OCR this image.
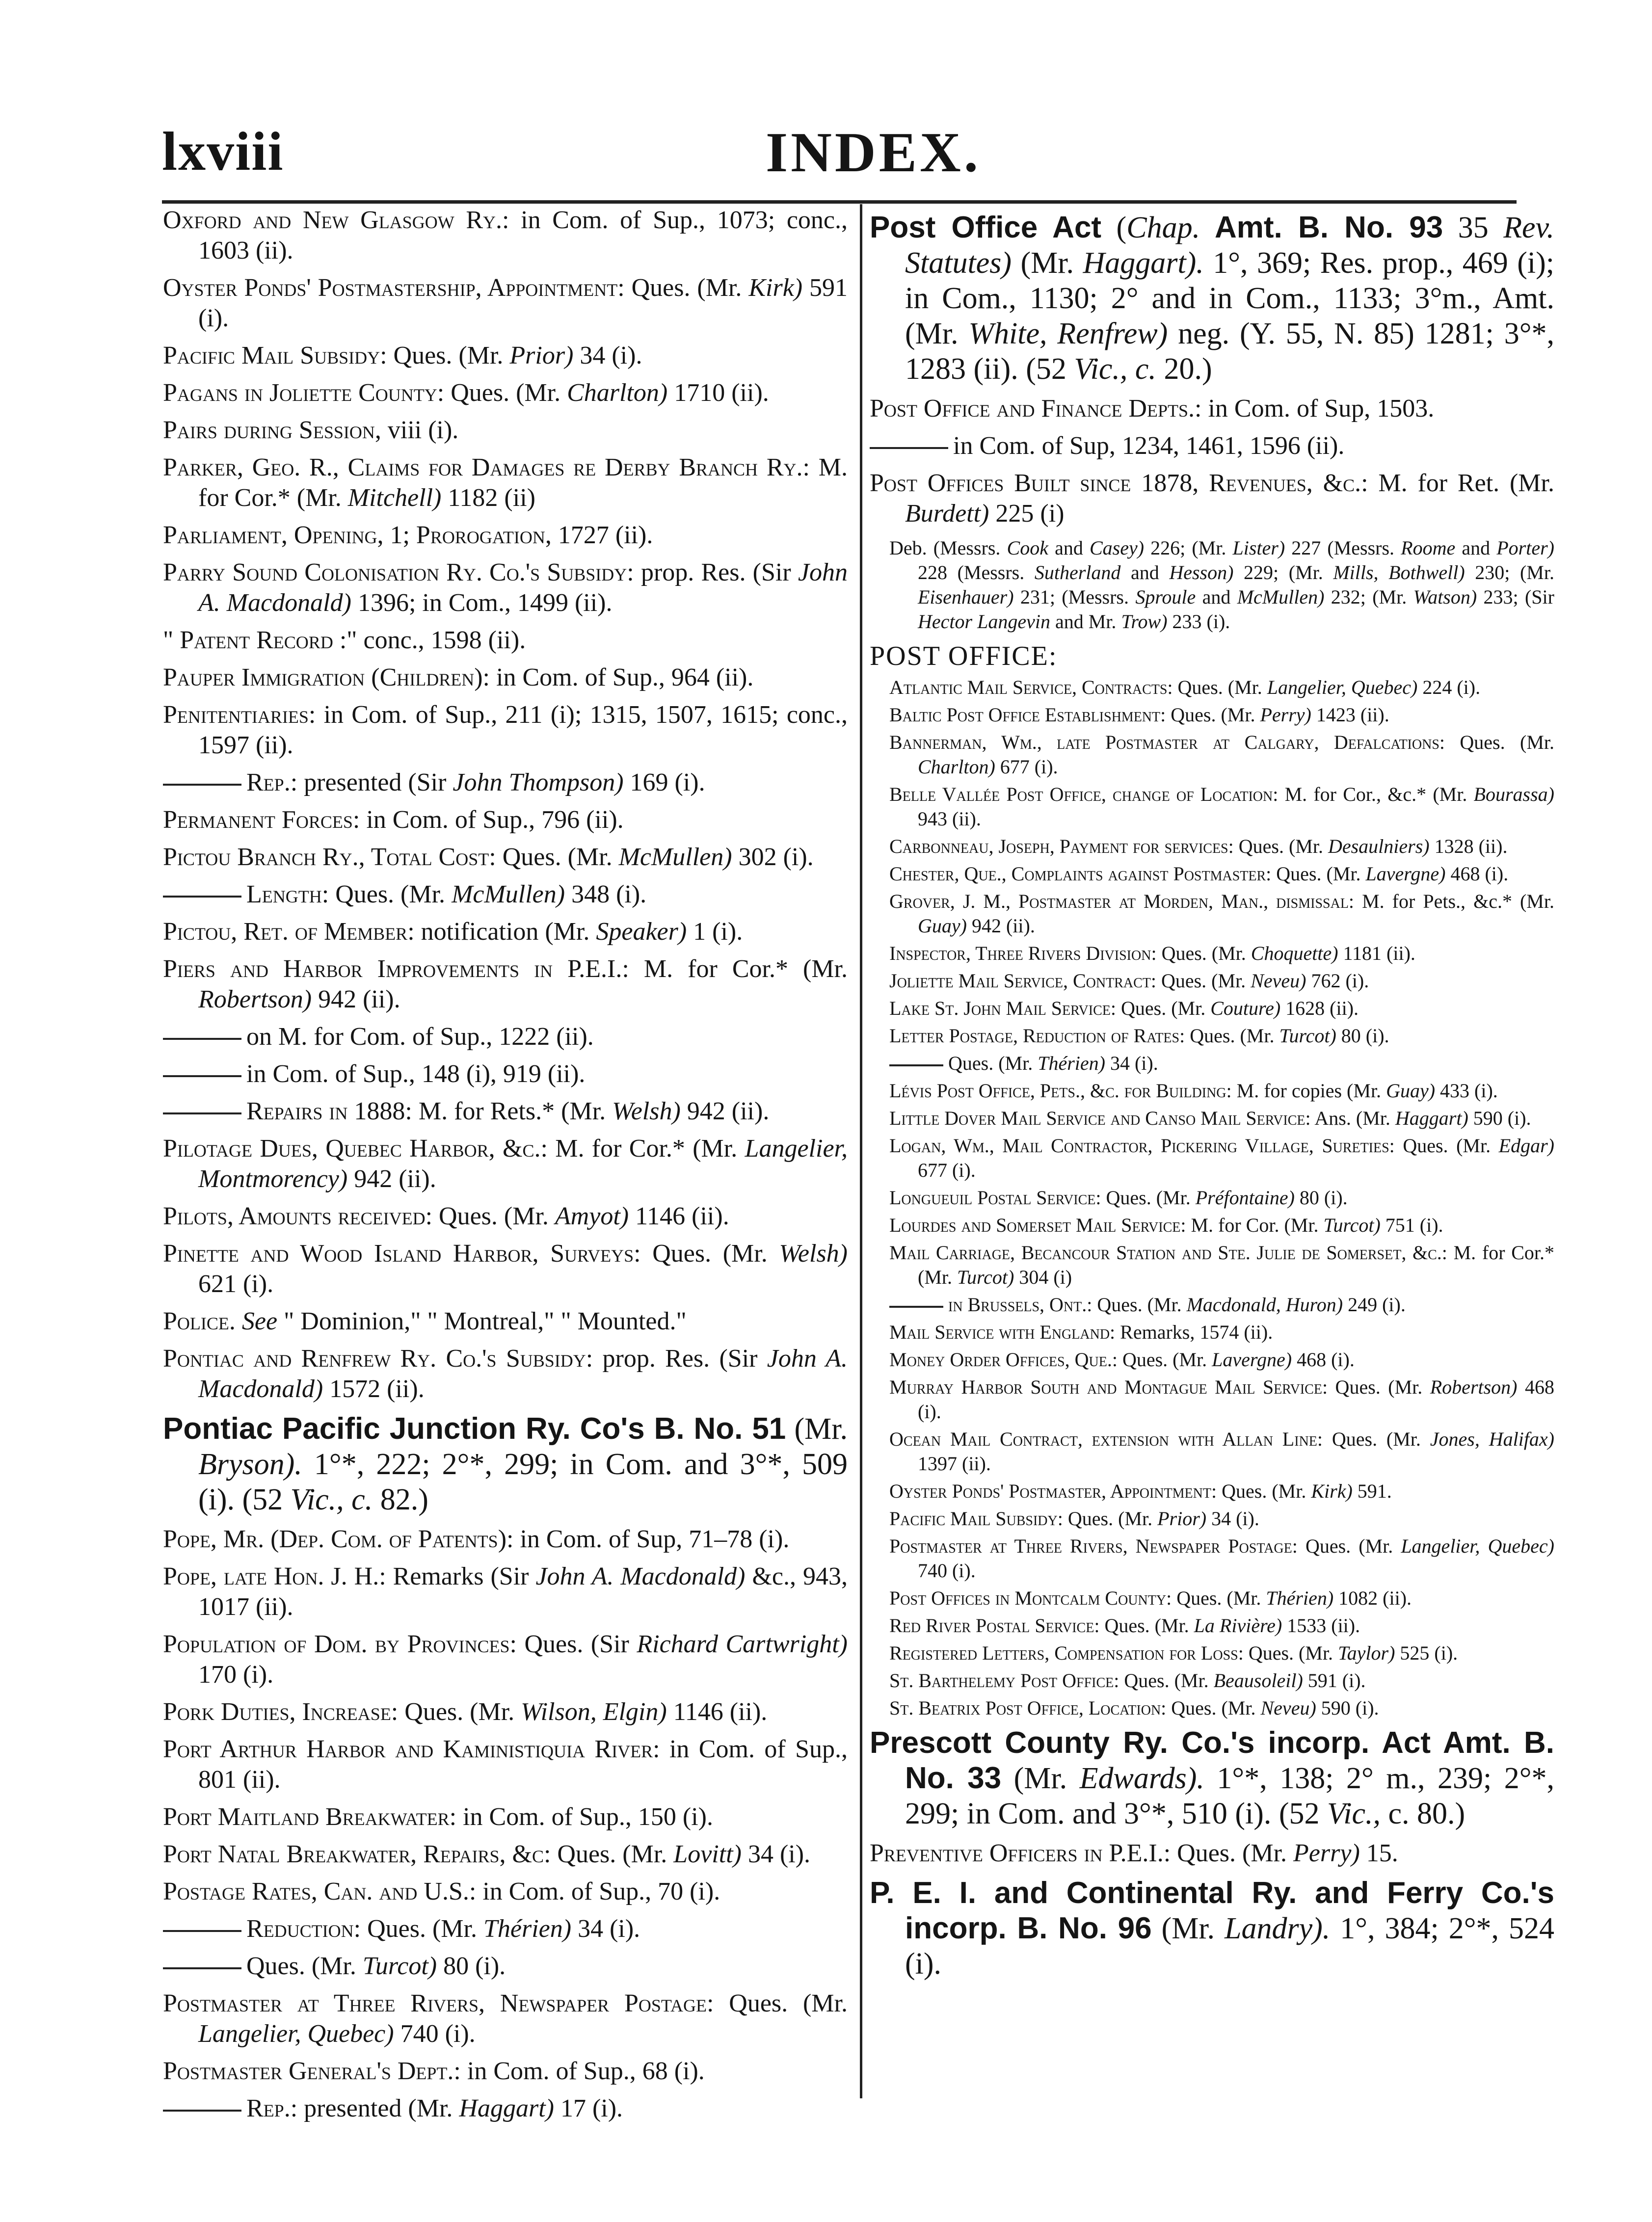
lxviii	INDEX.
Oxford and New Glasgow Ry.: in Com. of Sup., 1073; conc., 1603 (ii).
Oyster Ponds' Postmastership, Appointment: Ques. (Mr. Kirk) 591 (i).
Pacific Mail Subsidy: Ques. (Mr. Prior) 34 (i).
Pagans in Joliette County: Ques. (Mr. Charlton) 1710 (ii).
Pairs during Session, viii (i).
Parker, Geo. R., Claims for Damages re Derby Branch Ry.: M. for Cor.* (Mr. Mitchell) 1182 (ii)
Parliament, Opening, 1; Prorogation, 1727 (ii).
Parry Sound Colonisation Ry. Co.'s Subsidy: prop. Res. (Sir John A. Macdonald) 1396; in Com., 1499 (ii).
" Patent Record :" conc., 1598 (ii).
Pauper Immigration (Children): in Com. of Sup., 964 (ii).
Penitentiaries: in Com. of Sup., 211 (i); 1315, 1507, 1615; conc., 1597 (ii).
Rep.: presented (Sir John Thompson) 169 (i).
Permanent Forces: in Com. of Sup., 796 (ii).
Pictou Branch Ry., Total Cost: Ques. (Mr. McMullen) 302 (i).
Length: Ques. (Mr. McMullen) 348 (i).
Pictou, Ret. of Member: notification (Mr. Speaker) 1 (i).
Piers and Harbor Improvements in P.E.I.: M. for Cor.* (Mr. Robertson) 942 (ii).
on M. for Com. of Sup., 1222 (ii).
in Com. of Sup., 148 (i), 919 (ii).
Repairs in 1888: M. for Rets.* (Mr. Welsh) 942 (ii).
Pilotage Dues, Quebec Harbor, &c.: M. for Cor.* (Mr. Langelier, Montmorency) 942 (ii).
Pilots, Amounts received: Ques. (Mr. Amyot) 1146 (ii).
Pinette and Wood Island Harbor, Surveys: Ques. (Mr. Welsh) 621 (i).
Police. See " Dominion," " Montreal," " Mounted."
Pontiac and Renfrew Ry. Co.'s Subsidy: prop. Res. (Sir John A. Macdonald) 1572 (ii).
Pontiac Pacific Junction Ry. Co's B. No. 51 (Mr. Bryson). 1°*, 222; 2°*, 299; in Com. and 3°*, 509 (i). (52 Vic., c. 82.)
Pope, Mr. (Dep. Com. of Patents): in Com. of Sup, 71–78 (i).
Pope, late Hon. J. H.: Remarks (Sir John A. Macdonald) &c., 943, 1017 (ii).
Population of Dom. by Provinces: Ques. (Sir Richard Cartwright) 170 (i).
Pork Duties, Increase: Ques. (Mr. Wilson, Elgin) 1146 (ii).
Port Arthur Harbor and Kaministiquia River: in Com. of Sup., 801 (ii).
Port Maitland Breakwater: in Com. of Sup., 150 (i).
Port Natal Breakwater, Repairs, &c: Ques. (Mr. Lovitt) 34 (i).
Postage Rates, Can. and U.S.: in Com. of Sup., 70 (i).
Reduction: Ques. (Mr. Thérien) 34 (i).
Ques. (Mr. Turcot) 80 (i).
Postmaster at Three Rivers, Newspaper Postage: Ques. (Mr. Langelier, Quebec) 740 (i).
Postmaster General's Dept.: in Com. of Sup., 68 (i).
Rep.: presented (Mr. Haggart) 17 (i).
Post Office Act (Chap. Amt. B. No. 93 35 Rev. Statutes) (Mr. Haggart). 1°, 369; Res. prop., 469 (i); in Com., 1130; 2° and in Com., 1133; 3°m., Amt. (Mr. White, Renfrew) neg. (Y. 55, N. 85) 1281; 3°*, 1283 (ii). (52 Vic., c. 20.)
Post Office and Finance Depts.: in Com. of Sup, 1503.
in Com. of Sup, 1234, 1461, 1596 (ii).
Post Offices Built since 1878, Revenues, &c.: M. for Ret. (Mr. Burdett) 225 (i)
Deb. (Messrs. Cook and Casey) 226; (Mr. Lister) 227 (Messrs. Roome and Porter) 228 (Messrs. Sutherland and Hesson) 229; (Mr. Mills, Bothwell) 230; (Mr. Eisenhauer) 231; (Messrs. Sproule and McMullen) 232; (Mr. Watson) 233; (Sir Hector Langevin and Mr. Trow) 233 (i).
POST OFFICE:
Atlantic Mail Service, Contracts: Ques. (Mr. Langelier, Quebec) 224 (i).
Baltic Post Office Establishment: Ques. (Mr. Perry) 1423 (ii).
Bannerman, Wm., late Postmaster at Calgary, Defalcations: Ques. (Mr. Charlton) 677 (i).
Belle Vallée Post Office, change of Location: M. for Cor., &c.* (Mr. Bourassa) 943 (ii).
Carbonneau, Joseph, Payment for services: Ques. (Mr. Desaulniers) 1328 (ii).
Chester, Que., Complaints against Postmaster: Ques. (Mr. Lavergne) 468 (i).
Grover, J. M., Postmaster at Morden, Man., dismissal: M. for Pets., &c.* (Mr. Guay) 942 (ii).
Inspector, Three Rivers Division: Ques. (Mr. Choquette) 1181 (ii).
Joliette Mail Service, Contract: Ques. (Mr. Neveu) 762 (i).
Lake St. John Mail Service: Ques. (Mr. Couture) 1628 (ii).
Letter Postage, Reduction of Rates: Ques. (Mr. Turcot) 80 (i).
Ques. (Mr. Thérien) 34 (i).
Lévis Post Office, Pets., &c. for Building: M. for copies (Mr. Guay) 433 (i).
Little Dover Mail Service and Canso Mail Service: Ans. (Mr. Haggart) 590 (i).
Logan, Wm., Mail Contractor, Pickering Village, Sureties: Ques. (Mr. Edgar) 677 (i).
Longueuil Postal Service: Ques. (Mr. Préfontaine) 80 (i).
Lourdes and Somerset Mail Service: M. for Cor. (Mr. Turcot) 751 (i).
Mail Carriage, Becancour Station and Ste. Julie de Somerset, &c.: M. for Cor.* (Mr. Turcot) 304 (i)
in Brussels, Ont.: Ques. (Mr. Macdonald, Huron) 249 (i).
Mail Service with England: Remarks, 1574 (ii).
Money Order Offices, Que.: Ques. (Mr. Lavergne) 468 (i).
Murray Harbor South and Montague Mail Service: Ques. (Mr. Robertson) 468 (i).
Ocean Mail Contract, extension with Allan Line: Ques. (Mr. Jones, Halifax) 1397 (ii).
Oyster Ponds' Postmaster, Appointment: Ques. (Mr. Kirk) 591.
Pacific Mail Subsidy: Ques. (Mr. Prior) 34 (i).
Postmaster at Three Rivers, Newspaper Postage: Ques. (Mr. Langelier, Quebec) 740 (i).
Post Offices in Montcalm County: Ques. (Mr. Thérien) 1082 (ii).
Red River Postal Service: Ques. (Mr. La Rivière) 1533 (ii).
Registered Letters, Compensation for Loss: Ques. (Mr. Taylor) 525 (i).
St. Barthelemy Post Office: Ques. (Mr. Beausoleil) 591 (i).
St. Beatrix Post Office, Location: Ques. (Mr. Neveu) 590 (i).
Prescott County Ry. Co.'s incorp. Act Amt. B. No. 33 (Mr. Edwards). 1°*, 138; 2° m., 239; 2°*, 299; in Com. and 3°*, 510 (i). (52 Vic., c. 80.)
Preventive Officers in P.E.I.: Ques. (Mr. Perry) 15.
P. E. I. and Continental Ry. and Ferry Co.'s incorp. B. No. 96 (Mr. Landry). 1°, 384; 2°*, 524 (i).
